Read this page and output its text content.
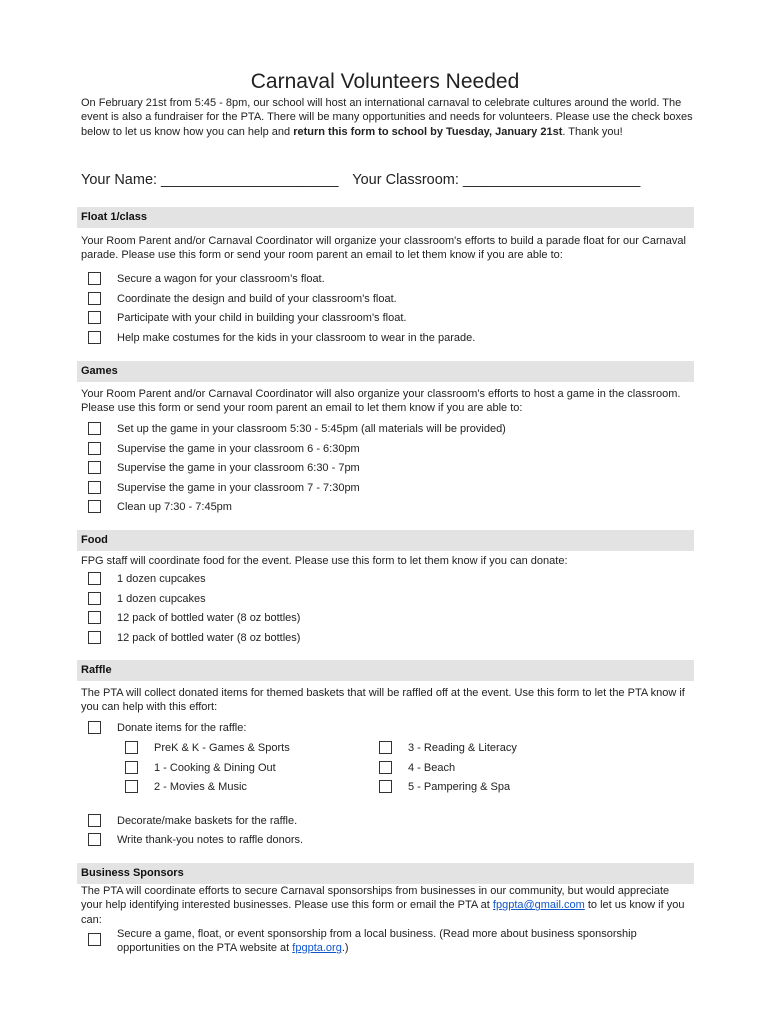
Carnaval Volunteers Needed
On February 21st from 5:45 - 8pm, our school will host an international carnaval to celebrate cultures around the world. The event is also a fundraiser for the PTA. There will be many opportunities and needs for volunteers. Please use the check boxes below to let us know how you can help and return this form to school by Tuesday, January 21st. Thank you!
Your Name: ______________________ Your Classroom: ______________________
Float 1/class
Your Room Parent and/or Carnaval Coordinator will organize your classroom's efforts to build a parade float for our Carnaval parade. Please use this form or send your room parent an email to let them know if you are able to:
Secure a wagon for your classroom’s float.
Coordinate the design and build of your classroom's float.
Participate with your child in building your classroom's float.
Help make costumes for the kids in your classroom to wear in the parade.
Games
Your Room Parent and/or Carnaval Coordinator will also organize your classroom's efforts to host a game in the classroom. Please use this form or send your room parent an email to let them know if you are able to:
Set up the game in your classroom 5:30 - 5:45pm (all materials will be provided)
Supervise the game in your classroom 6 - 6:30pm
Supervise the game in your classroom 6:30 - 7pm
Supervise the game in your classroom 7 - 7:30pm
Clean up 7:30 - 7:45pm
Food
FPG staff will coordinate food for the event. Please use this form to let them know if you can donate:
1 dozen cupcakes
1 dozen cupcakes
12 pack of bottled water (8 oz bottles)
12 pack of bottled water (8 oz bottles)
Raffle
The PTA will collect donated items for themed baskets that will be raffled off at the event. Use this form to let the PTA know if you can help with this effort:
Donate items for the raffle:
PreK & K - Games & Sports
1 - Cooking & Dining Out
2 - Movies & Music
3 - Reading & Literacy
4 - Beach
5 - Pampering & Spa
Decorate/make baskets for the raffle.
Write thank-you notes to raffle donors.
Business Sponsors
The PTA will coordinate efforts to secure Carnaval sponsorships from businesses in our community, but would appreciate your help identifying interested businesses. Please use this form or email the PTA at fpgpta@gmail.com to let us know if you can:
Secure a game, float, or event sponsorship from a local business. (Read more about business sponsorship opportunities on the PTA website at fpgpta.org.)
